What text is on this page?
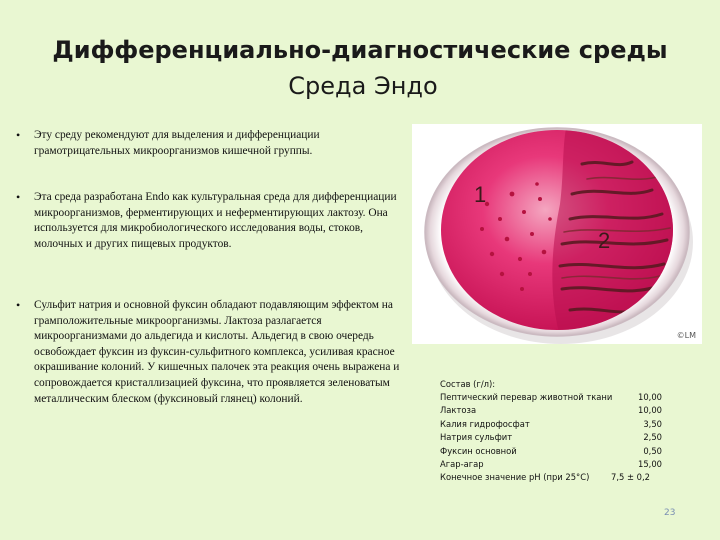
Дифференциально-диагностические среды
Среда Эндо
• Эту среду рекомендуют для выделения и дифференциации грамотрицательных микроорганизмов кишечной группы.
• Эта среда разработана Endo как культуральная среда для дифференциации микроорганизмов, ферментирующих и неферментирующих лактозу. Она используется для микробиологического исследования воды, стоков, молочных и других пищевых продуктов.
• Сульфит натрия и основной фуксин обладают подавляющим эффектом на грамположительные микроорганизмы. Лактоза разлагается микроорганизмами до альдегида и кислоты. Альдегид в свою очередь освобождает фуксин из фуксин-сульфитного комплекса, усиливая красное окрашивание колоний. У кишечных палочек эта реакция очень выражена и сопровождается кристаллизацией фуксина, что проявляется зеленоватым металлическим блеском (фуксиновый глянец) колоний.
1
2
©LM
Состав (г/л):
Пептический перевар животной ткани	10,00
Лактоза	10,00
Калия гидрофосфат	3,50
Натрия сульфит	2,50
Фуксин основной	0,50
Агар-агар	15,00
Конечное значение pH (при 25°C)	7,5 ± 0,2
23
